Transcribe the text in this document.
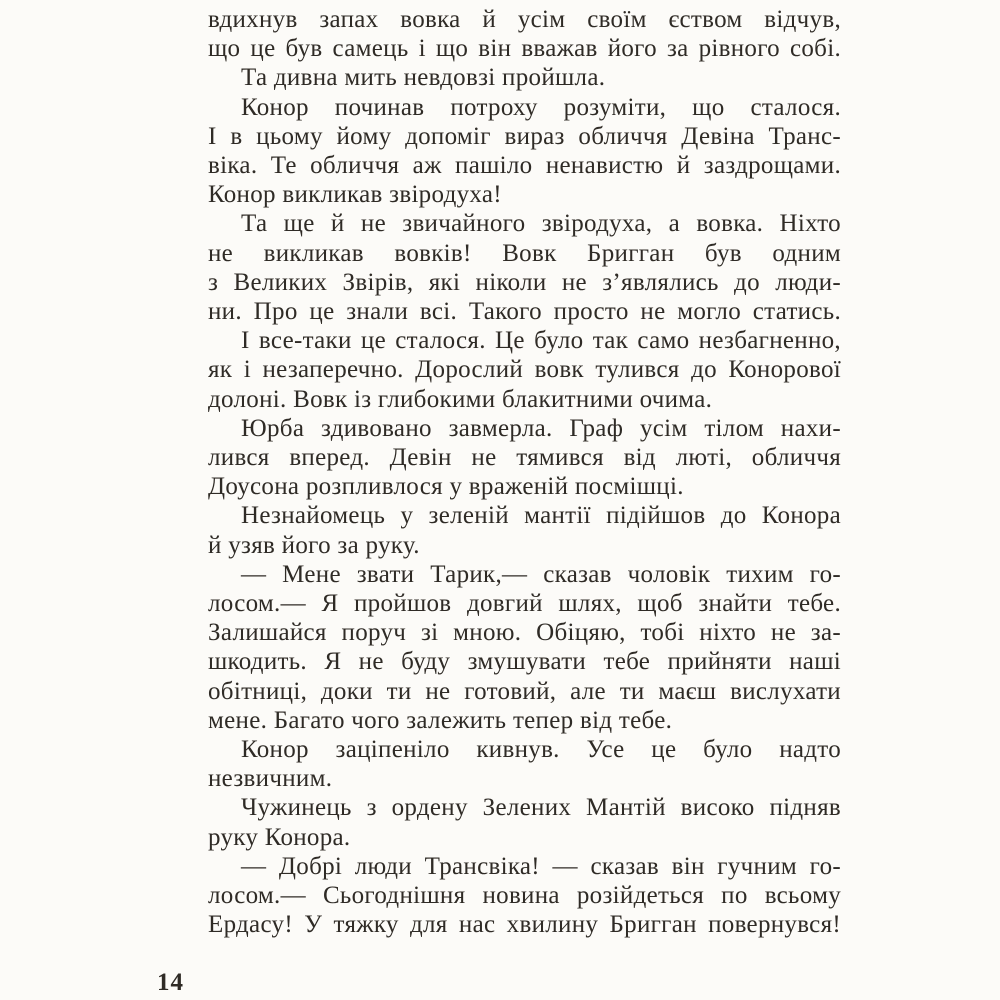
вдихнув запах вовка й усім своїм єством відчув,
що це був самець і що він вважав його за рівного собі.
Та дивна мить невдовзі пройшла.
Конор починав потроху розуміти, що сталося.
І в цьому йому допоміг вираз обличчя Девіна Транс-
віка. Те обличчя аж пашіло ненавистю й заздрощами.
Конор викликав звіродуха!
Та ще й не звичайного звіродуха, а вовка. Ніхто
не викликав вовків! Вовк Бригган був одним
з Великих Звірів, які ніколи не з’являлись до люди-
ни. Про це знали всі. Такого просто не могло статись.
І все-таки це сталося. Це було так само незбагненно,
як і незаперечно. Дорослий вовк тулився до Конорової
долоні. Вовк із глибокими блакитними очима.
Юрба здивовано завмерла. Граф усім тілом нахи-
лився вперед. Девін не тямився від люті, обличчя
Доусона розпливлося у враженій посмішці.
Незнайомець у зеленій мантії підійшов до Конора
й узяв його за руку.
— Мене звати Тарик,— сказав чоловік тихим го-
лосом.— Я пройшов довгий шлях, щоб знайти тебе.
Залишайся поруч зі мною. Обіцяю, тобі ніхто не за-
шкодить. Я не буду змушувати тебе прийняти наші
обітниці, доки ти не готовий, але ти маєш вислухати
мене. Багато чого залежить тепер від тебе.
Конор заціпеніло кивнув. Усе це було надто
незвичним.
Чужинець з ордену Зелених Мантій високо підняв
руку Конора.
— Добрі люди Трансвіка! — сказав він гучним го-
лосом.— Сьогоднішня новина розійдеться по всьому
Ердасу! У тяжку для нас хвилину Бригган повернувся!
14
